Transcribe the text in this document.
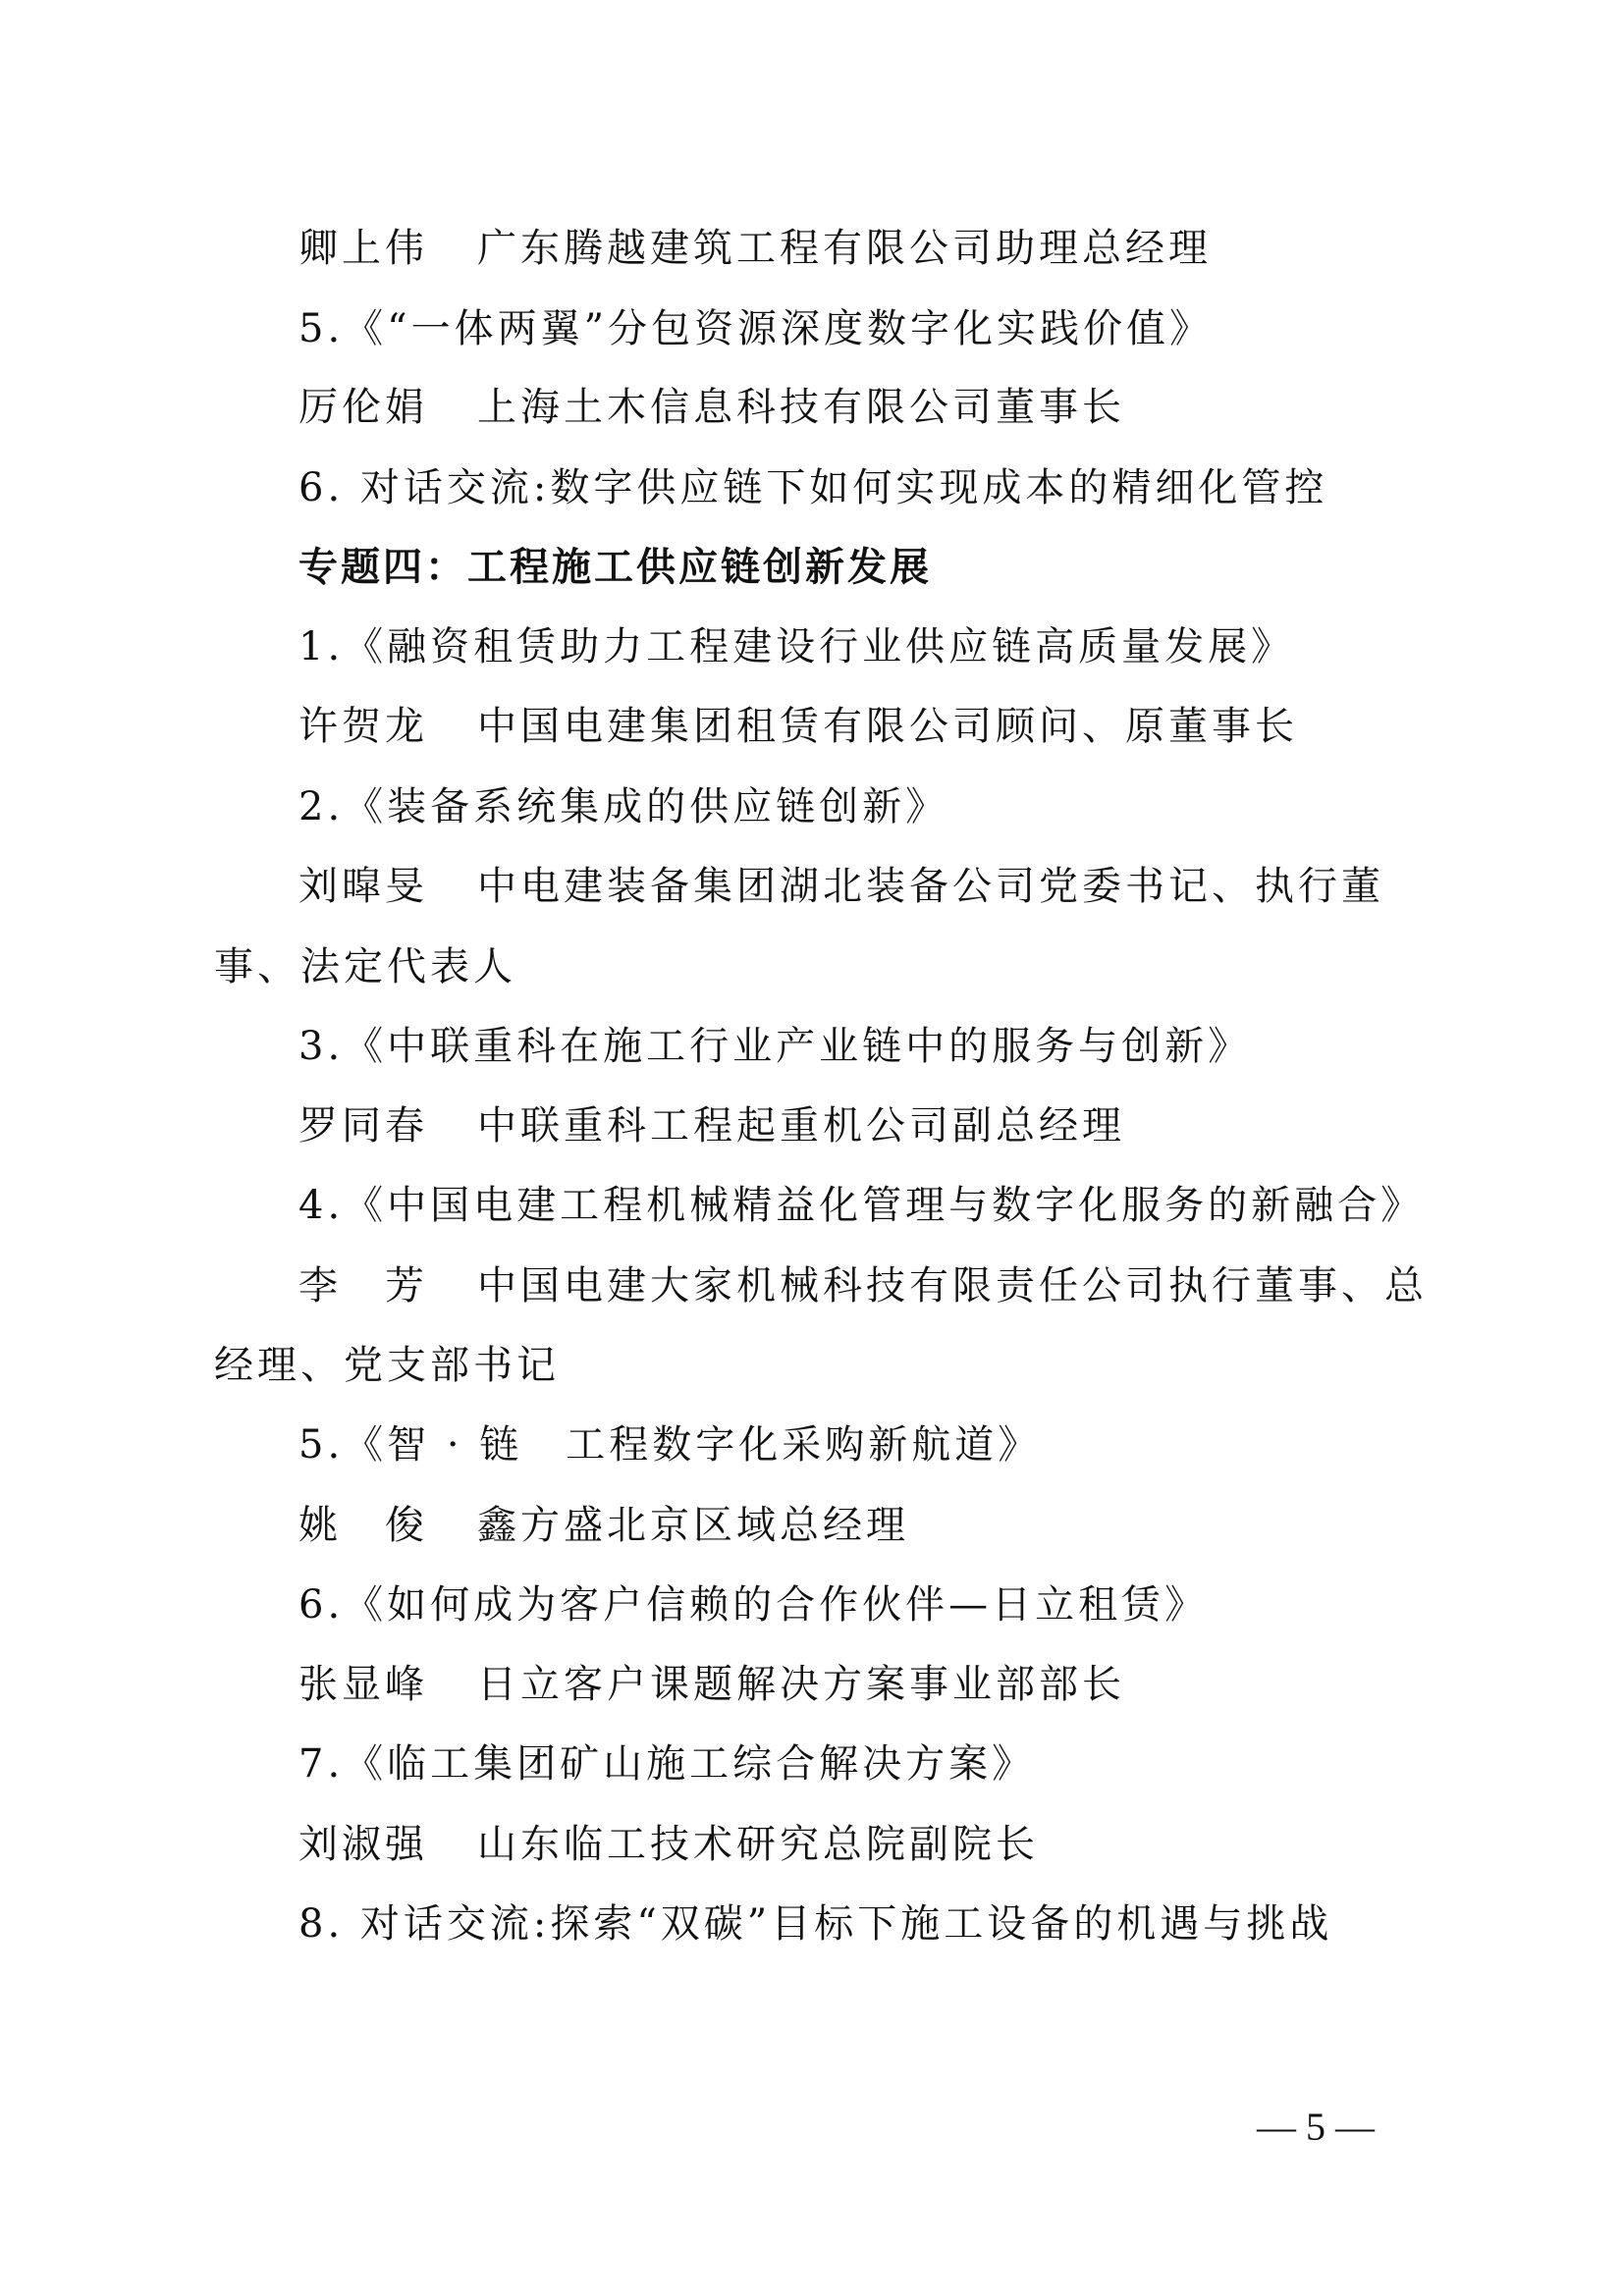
卿上伟 广东腾越建筑工程有限公司助理总经理
5.《“一体两翼”分包资源深度数字化实践价值》
厉伦娟 上海土木信息科技有限公司董事长
6. 对话交流:数字供应链下如何实现成本的精细化管控
专题四：工程施工供应链创新发展
1.《融资租赁助力工程建设行业供应链高质量发展》
许贺龙 中国电建集团租赁有限公司顾问、原董事长
2.《装备系统集成的供应链创新》
刘暭旻 中电建装备集团湖北装备公司党委书记、执行董
事、法定代表人
3.《中联重科在施工行业产业链中的服务与创新》
罗同春 中联重科工程起重机公司副总经理
4.《中国电建工程机械精益化管理与数字化服务的新融合》
李　芳 中国电建大家机械科技有限责任公司执行董事、总
经理、党支部书记
5.《智 · 链　工程数字化采购新航道》
姚　俊 鑫方盛北京区域总经理
6.《如何成为客户信赖的合作伙伴—日立租赁》
张显峰 日立客户课题解决方案事业部部长
7.《临工集团矿山施工综合解决方案》
刘淑强 山东临工技术研究总院副院长
8. 对话交流:探索“双碳”目标下施工设备的机遇与挑战
— 5 —
